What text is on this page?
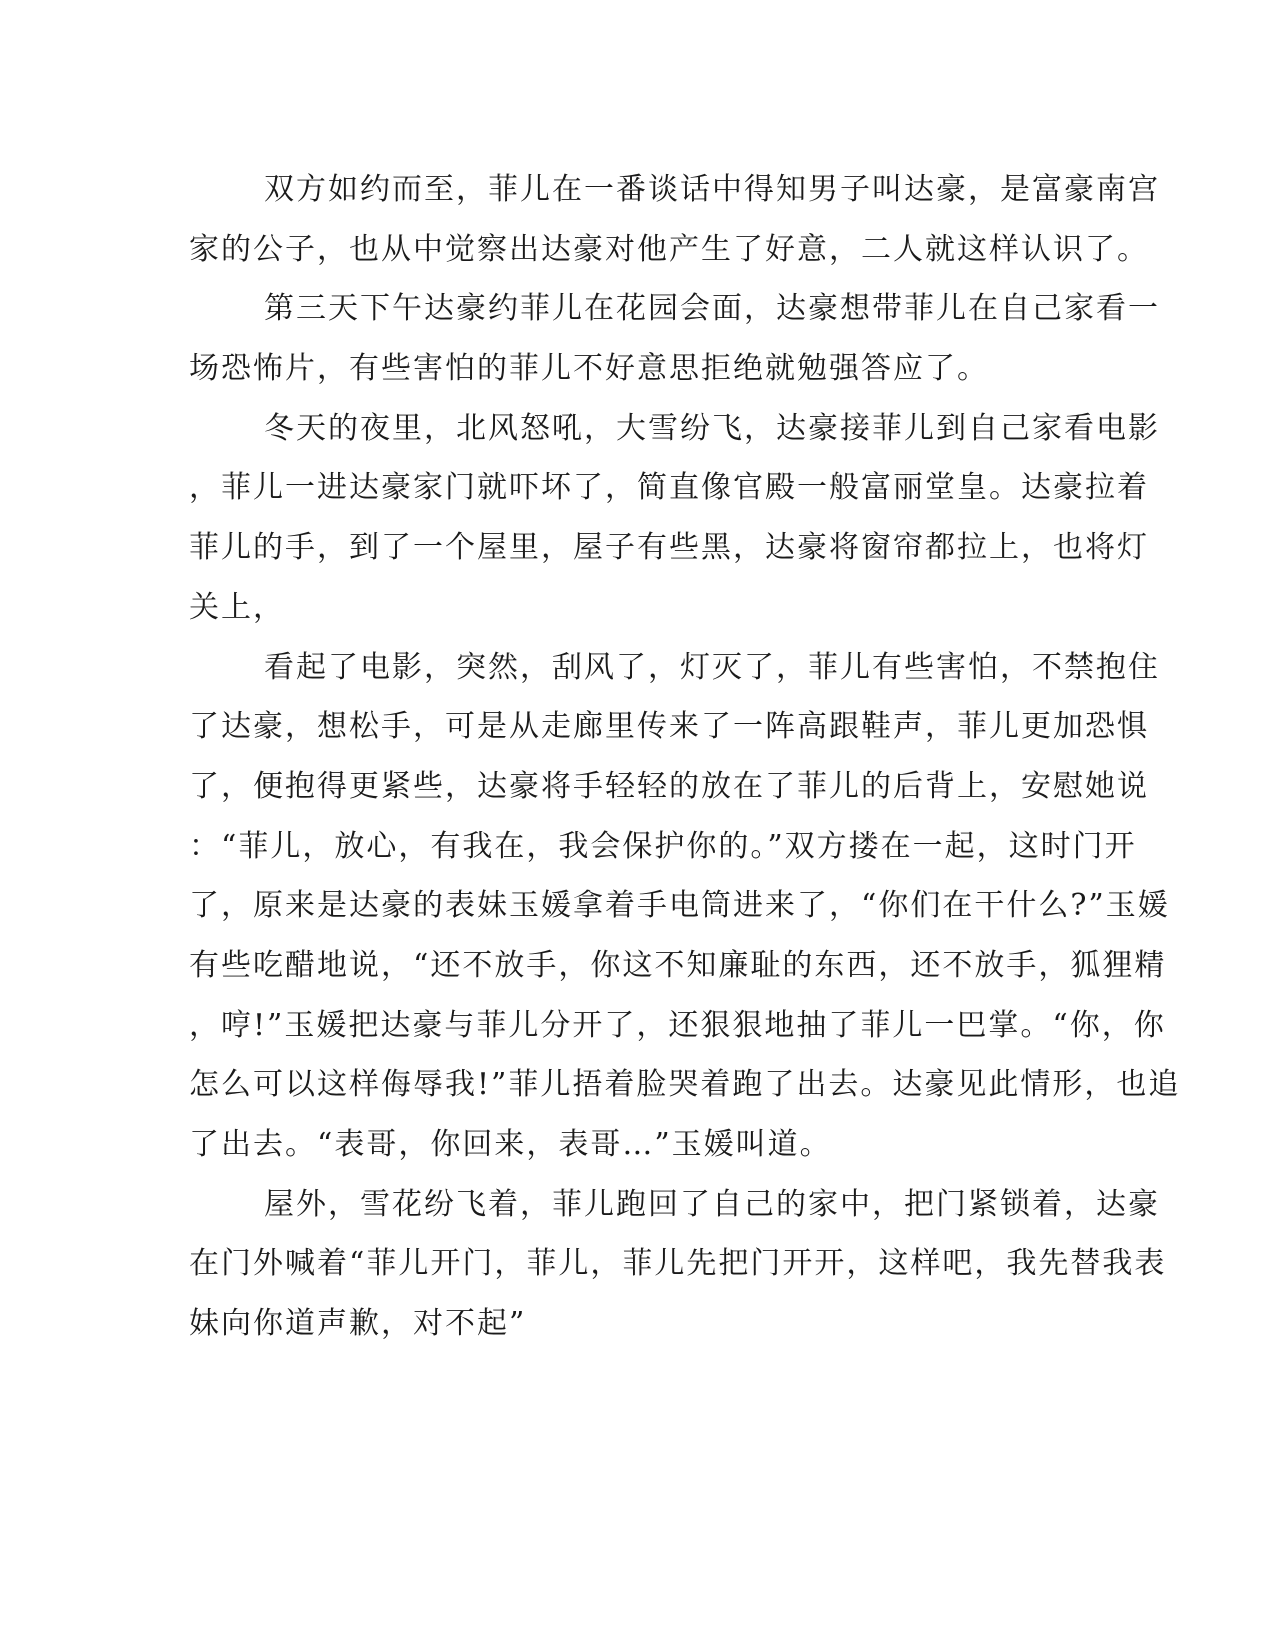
双方如约而至，菲儿在一番谈话中得知男子叫达豪，是富豪南宫
家的公子，也从中觉察出达豪对他产生了好意，二人就这样认识了。
第三天下午达豪约菲儿在花园会面，达豪想带菲儿在自己家看一
场恐怖片，有些害怕的菲儿不好意思拒绝就勉强答应了。
冬天的夜里，北风怒吼，大雪纷飞，达豪接菲儿到自己家看电影
，菲儿一进达豪家门就吓坏了，简直像官殿一般富丽堂皇。达豪拉着
菲儿的手，到了一个屋里，屋子有些黑，达豪将窗帘都拉上，也将灯
关上，
看起了电影，突然，刮风了，灯灭了，菲儿有些害怕，不禁抱住
了达豪，想松手，可是从走廊里传来了一阵高跟鞋声，菲儿更加恐惧
了，便抱得更紧些，达豪将手轻轻的放在了菲儿的后背上，安慰她说
：“菲儿，放心，有我在，我会保护你的。”双方搂在一起，这时门开
了，原来是达豪的表妹玉媛拿着手电筒进来了，“你们在干什么?”玉媛
有些吃醋地说，“还不放手，你这不知廉耻的东西，还不放手，狐狸精
，哼!”玉媛把达豪与菲儿分开了，还狠狠地抽了菲儿一巴掌。“你，你
怎么可以这样侮辱我!”菲儿捂着脸哭着跑了出去。达豪见此情形，也追
了出去。“表哥，你回来，表哥…”玉媛叫道。
屋外，雪花纷飞着，菲儿跑回了自己的家中，把门紧锁着，达豪
在门外喊着“菲儿开门，菲儿，菲儿先把门开开，这样吧，我先替我表
妹向你道声歉，对不起”
